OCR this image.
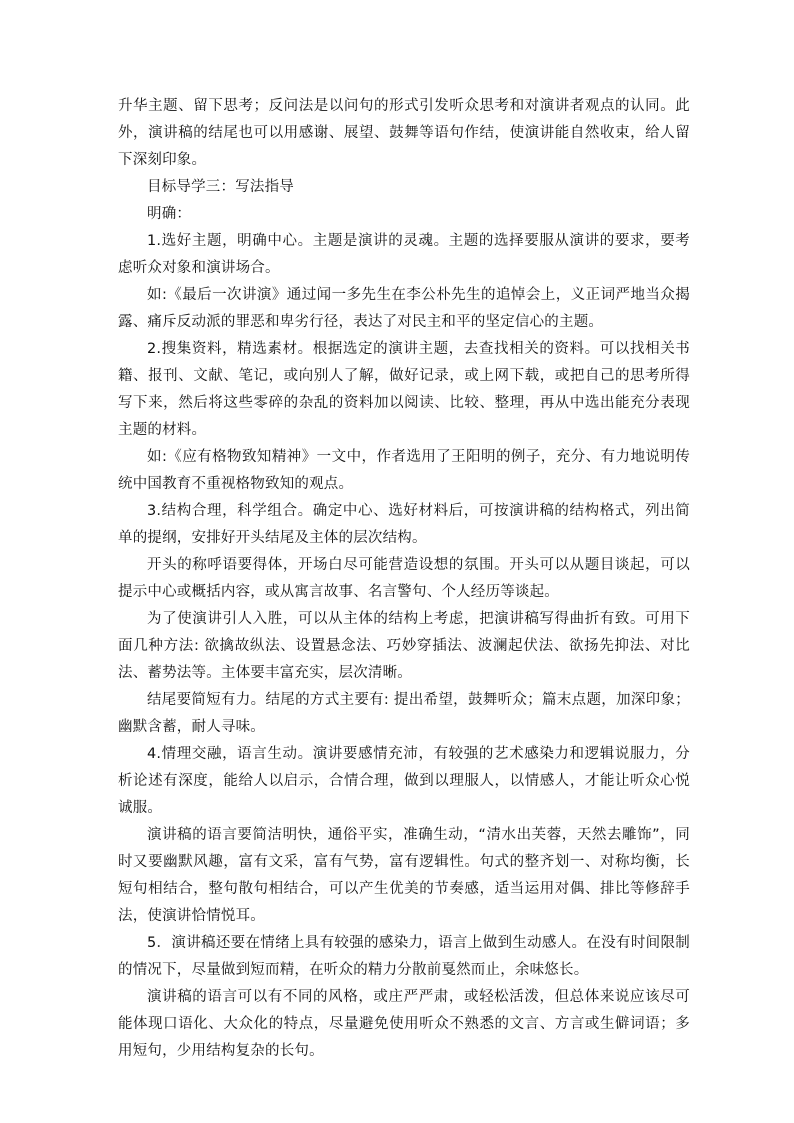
升华主题、留下思考；反问法是以问句的形式引发听众思考和对演讲者观点的认同。此外，演讲稿的结尾也可以用感谢、展望、鼓舞等语句作结，使演讲能自然收束，给人留下深刻印象。

目标导学三：写法指导

明确：

1.选好主题，明确中心。主题是演讲的灵魂。主题的选择要服从演讲的要求，要考虑听众对象和演讲场合。

如:《最后一次讲演》通过闻一多先生在李公朴先生的追悼会上，义正词严地当众揭露、痛斥反动派的罪恶和卑劣行径，表达了对民主和平的坚定信心的主题。

2.搜集资料，精选素材。根据选定的演讲主题，去查找相关的资料。可以找相关书籍、报刊、文献、笔记，或向别人了解，做好记录，或上网下载，或把自己的思考所得写下来，然后将这些零碎的杂乱的资料加以阅读、比较、整理，再从中选出能充分表现主题的材料。

如:《应有格物致知精神》一文中，作者选用了王阳明的例子，充分、有力地说明传统中国教育不重视格物致知的观点。

3.结构合理，科学组合。确定中心、选好材料后，可按演讲稿的结构格式，列出简单的提纲，安排好开头结尾及主体的层次结构。

开头的称呼语要得体，开场白尽可能营造设想的氛围。开头可以从题目谈起，可以提示中心或概括内容，或从寓言故事、名言警句、个人经历等谈起。

为了使演讲引人入胜，可以从主体的结构上考虑，把演讲稿写得曲折有致。可用下面几种方法: 欲擒故纵法、设置悬念法、巧妙穿插法、波澜起伏法、欲扬先抑法、对比法、蓄势法等。主体要丰富充实，层次清晰。

结尾要简短有力。结尾的方式主要有: 提出希望，鼓舞听众；篇末点题，加深印象；幽默含蓄，耐人寻味。

4.情理交融，语言生动。演讲要感情充沛，有较强的艺术感染力和逻辑说服力，分析论述有深度，能给人以启示，合情合理，做到以理服人，以情感人，才能让听众心悦诚服。

演讲稿的语言要简洁明快，通俗平实，准确生动，“清水出芙蓉，天然去雕饰”，同时又要幽默风趣，富有文采，富有气势，富有逻辑性。句式的整齐划一、对称均衡，长短句相结合，整句散句相结合，可以产生优美的节奏感，适当运用对偶、排比等修辞手法，使演讲恰情悦耳。

5．演讲稿还要在情绪上具有较强的感染力，语言上做到生动感人。在没有时间限制的情况下，尽量做到短而精，在听众的精力分散前戛然而止，余味悠长。

演讲稿的语言可以有不同的风格，或庄严严肃，或轻松活泼，但总体来说应该尽可能体现口语化、大众化的特点，尽量避免使用听众不熟悉的文言、方言或生僻词语；多用短句，少用结构复杂的长句。
